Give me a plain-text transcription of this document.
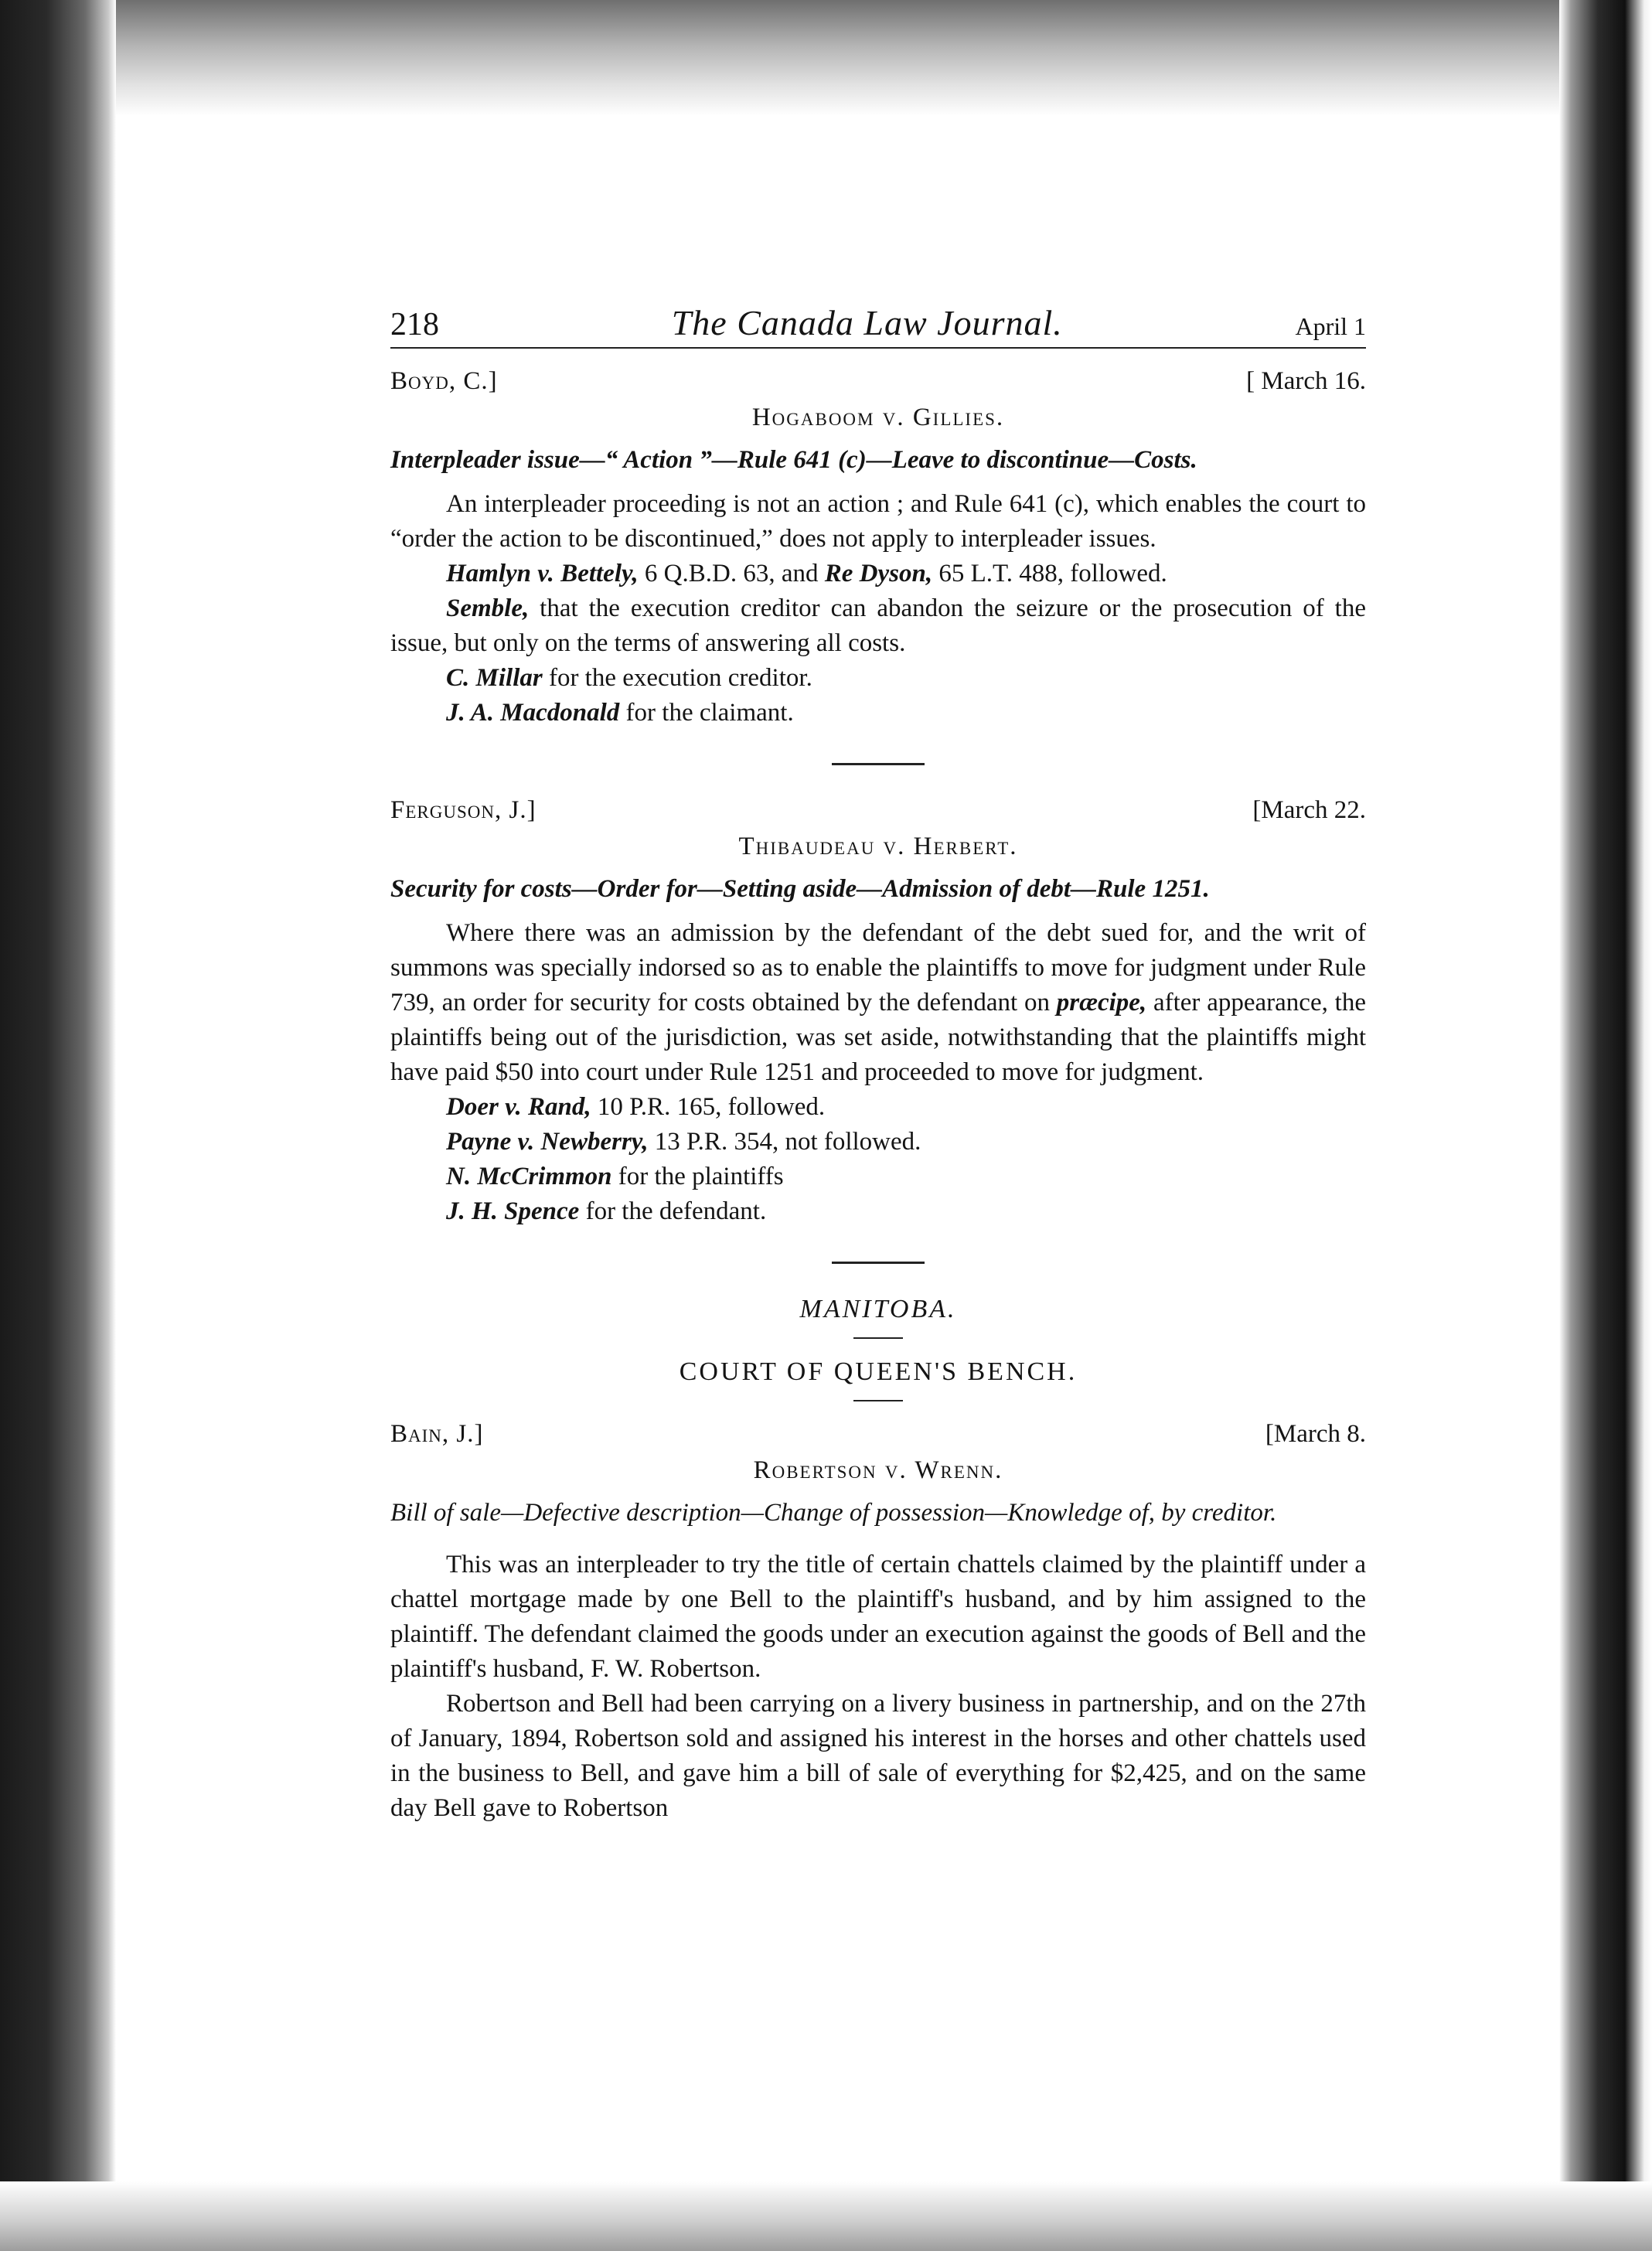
218	The Canada Law Journal.	April 1
Boyd, C.]	[ March 16.
Hogaboom v. Gillies.
Interpleader issue—“ Action ”—Rule 641 (c)—Leave to discontinue—Costs.

An interpleader proceeding is not an action ; and Rule 641 (c), which enables the court to “order the action to be discontinued,” does not apply to interpleader issues.

Hamlyn v. Bettely, 6 Q.B.D. 63, and Re Dyson, 65 L.T. 488, followed.

Semble, that the execution creditor can abandon the seizure or the prosecution of the issue, but only on the terms of answering all costs.

C. Millar for the execution creditor.
J. A. Macdonald for the claimant.
Ferguson, J.]	[March 22.
Thibaudeau v. Herbert.
Security for costs—Order for—Setting aside—Admission of debt—Rule 1251.

Where there was an admission by the defendant of the debt sued for, and the writ of summons was specially indorsed so as to enable the plaintiffs to move for judgment under Rule 739, an order for security for costs obtained by the defendant on præcipe, after appearance, the plaintiffs being out of the jurisdiction, was set aside, notwithstanding that the plaintiffs might have paid $50 into court under Rule 1251 and proceeded to move for judgment.

Doer v. Rand, 10 P.R. 165, followed.
Payne v. Newberry, 13 P.R. 354, not followed.
N. McCrimmon for the plaintiffs
J. H. Spence for the defendant.
MANITOBA.
COURT OF QUEEN'S BENCH.
Bain, J.]	[March 8.
Robertson v. Wrenn.
Bill of sale—Defective description—Change of possession—Knowledge of, by creditor.

This was an interpleader to try the title of certain chattels claimed by the plaintiff under a chattel mortgage made by one Bell to the plaintiff's husband, and by him assigned to the plaintiff. The defendant claimed the goods under an execution against the goods of Bell and the plaintiff's husband, F. W. Robertson.

Robertson and Bell had been carrying on a livery business in partnership, and on the 27th of January, 1894, Robertson sold and assigned his interest in the horses and other chattels used in the business to Bell, and gave him a bill of sale of everything for $2,425, and on the same day Bell gave to Robertson
